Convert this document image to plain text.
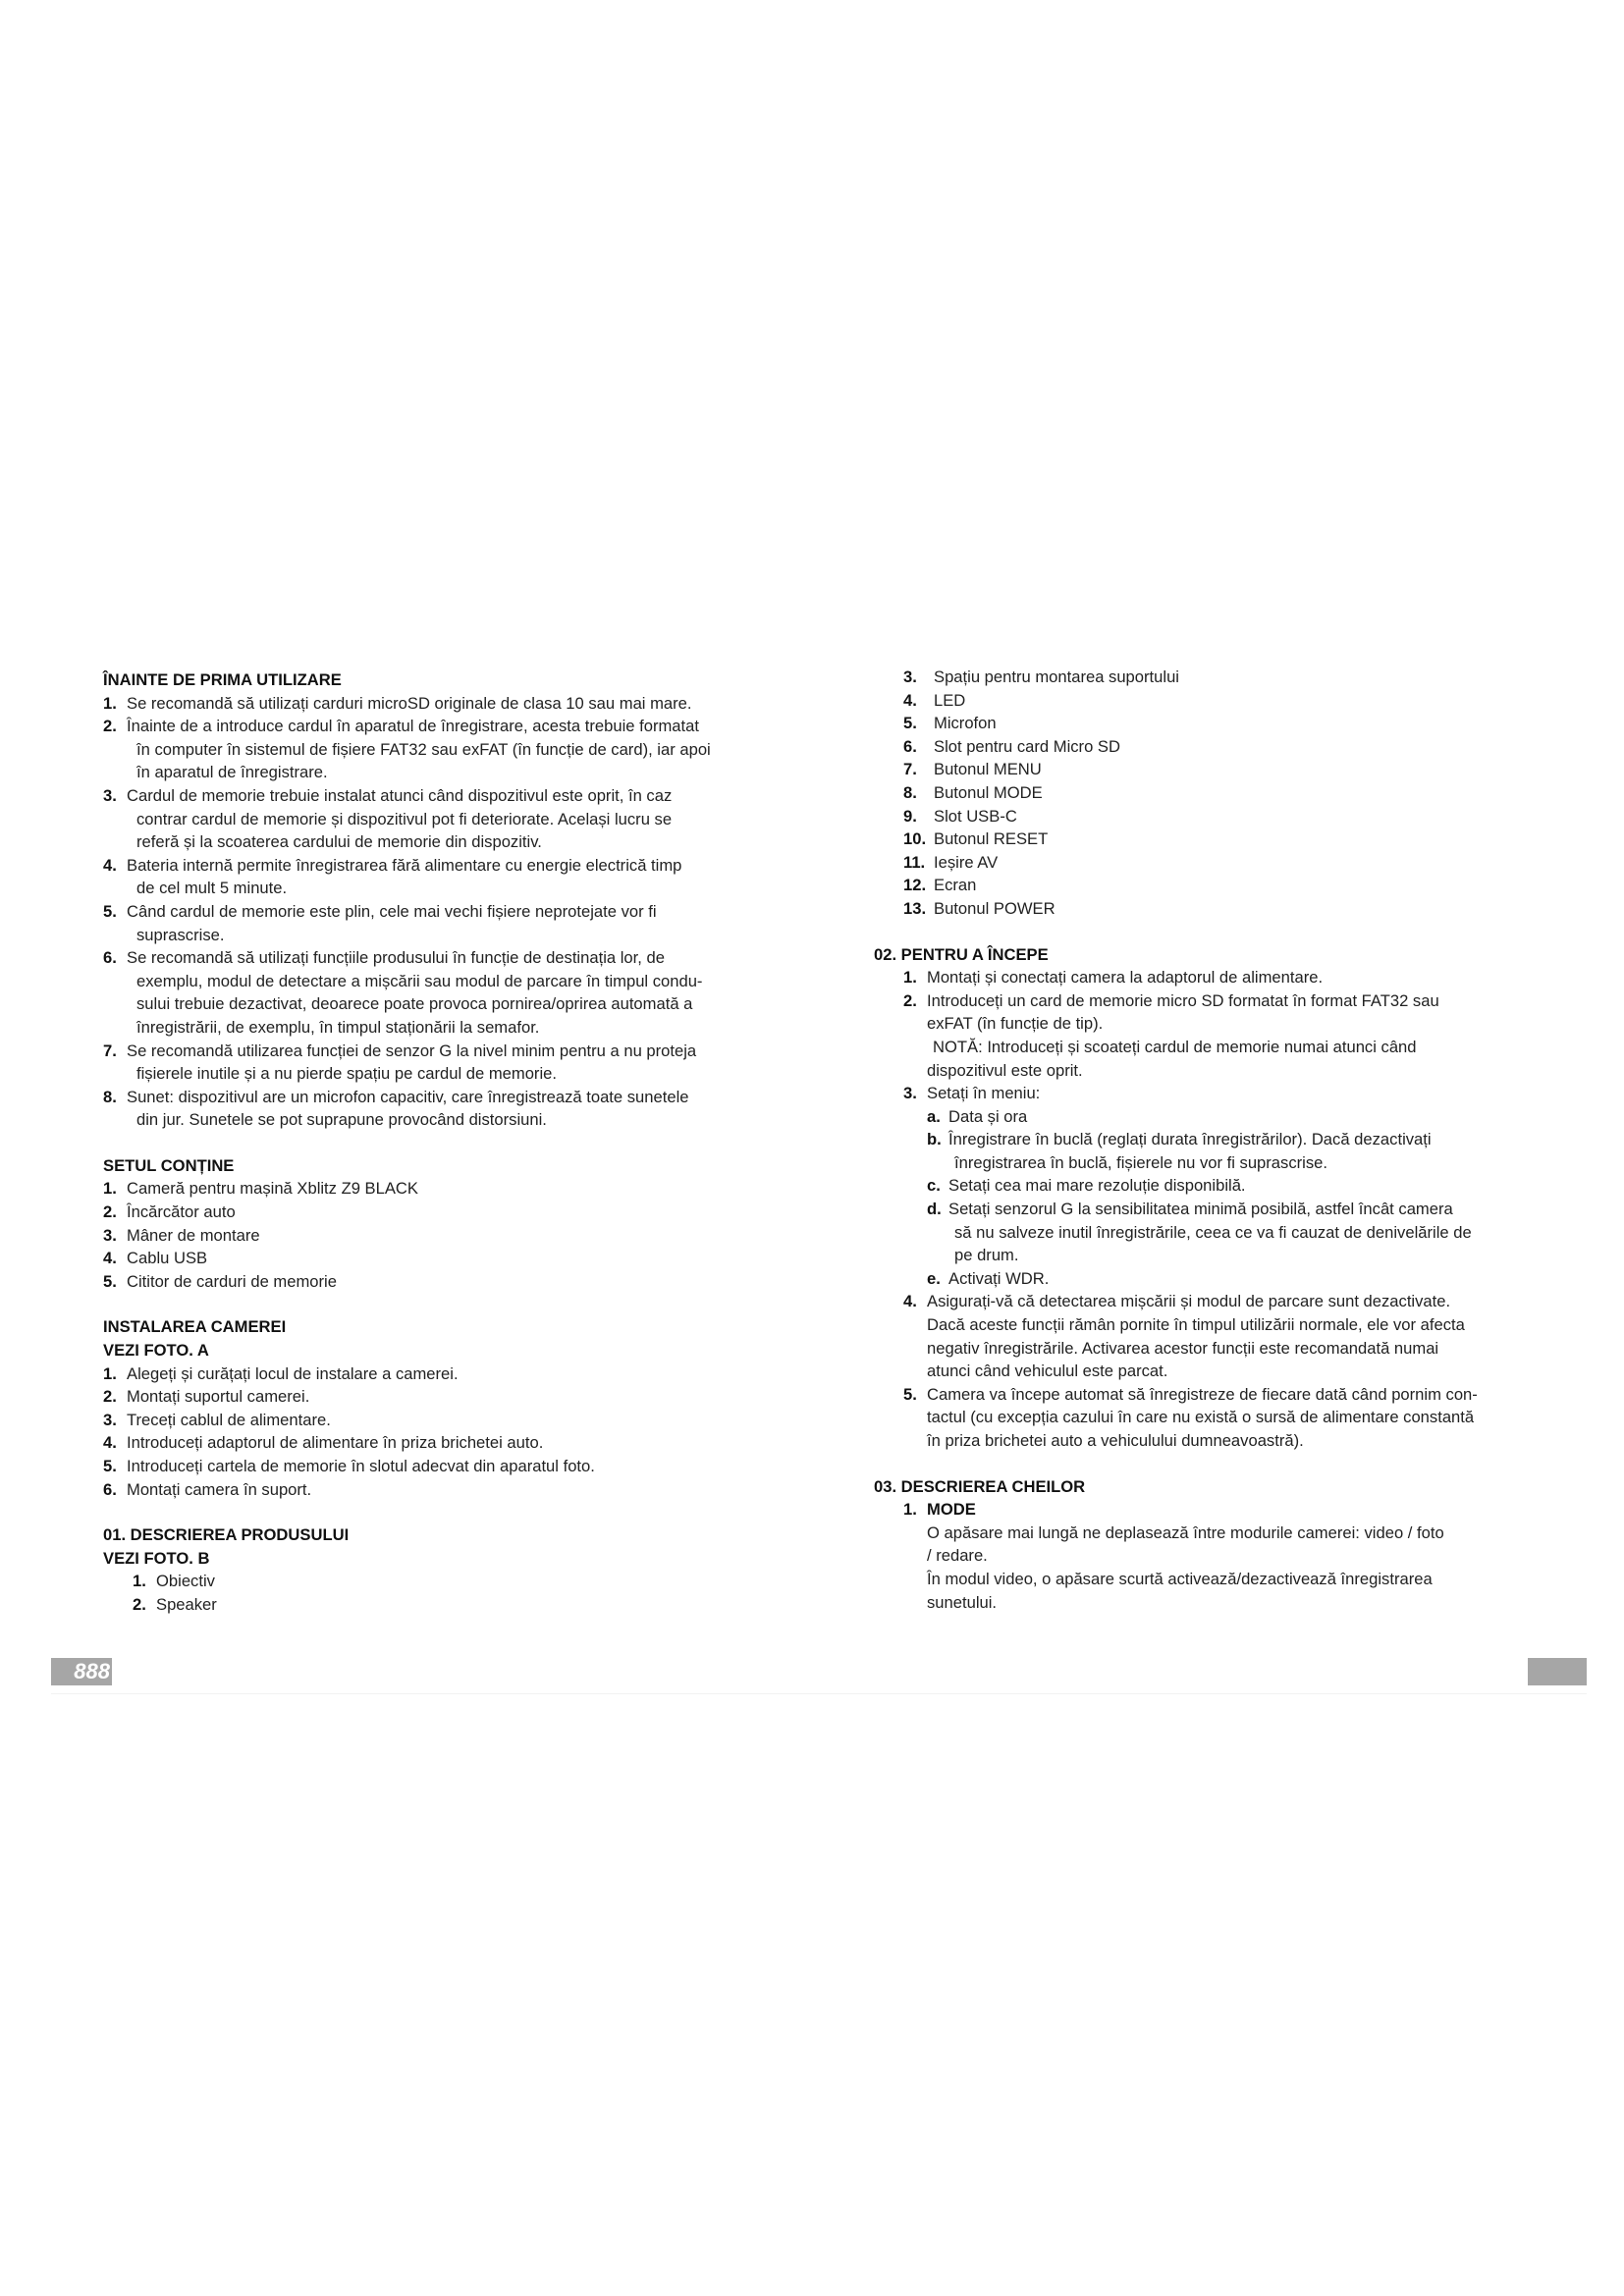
ÎNAINTE DE PRIMA UTILIZARE
1. Se recomandă să utilizați carduri microSD originale de clasa 10 sau mai mare.
2. Înainte de a introduce cardul în aparatul de înregistrare, acesta trebuie formatat
în computer în sistemul de fișiere FAT32 sau exFAT (în funcție de card), iar apoi
în aparatul de înregistrare.
3. Cardul de memorie trebuie instalat atunci când dispozitivul este oprit, în caz
contrar cardul de memorie și dispozitivul pot fi deteriorate. Același lucru se
referă și la scoaterea cardului de memorie din dispozitiv.
4. Bateria internă permite înregistrarea fără alimentare cu energie electrică timp
de cel mult 5 minute.
5. Când cardul de memorie este plin, cele mai vechi fișiere neprotejate vor fi
suprascrise.
6. Se recomandă să utilizați funcțiile produsului în funcție de destinația lor, de
exemplu, modul de detectare a mișcării sau modul de parcare în timpul condu-
sului trebuie dezactivat, deoarece poate provoca pornirea/oprirea automată a
înregistrării, de exemplu, în timpul staționării la semafor.
7. Se recomandă utilizarea funcției de senzor G la nivel minim pentru a nu proteja
fișierele inutile și a nu pierde spațiu pe cardul de memorie.
8. Sunet: dispozitivul are un microfon capacitiv, care înregistrează toate sunetele
din jur. Sunetele se pot suprapune provocând distorsiuni.
SETUL CONȚINE
1. Cameră pentru mașină Xblitz Z9 BLACK
2. Încărcător auto
3. Mâner de montare
4. Cablu USB
5. Cititor de carduri de memorie
INSTALAREA CAMEREI
VEZI FOTO. A
1. Alegeți și curățați locul de instalare a camerei.
2. Montați suportul camerei.
3. Treceți cablul de alimentare.
4. Introduceți adaptorul de alimentare în priza brichetei auto.
5. Introduceți cartela de memorie în slotul adecvat din aparatul foto.
6. Montați camera în suport.
01. DESCRIEREA PRODUSULUI
VEZI FOTO. B
1. Obiectiv
2. Speaker
3. Spațiu pentru montarea suportului
4. LED
5. Microfon
6. Slot pentru card Micro SD
7. Butonul MENU
8. Butonul MODE
9. Slot USB-C
10. Butonul RESET
11. Ieșire AV
12. Ecran
13. Butonul POWER
02. PENTRU A ÎNCEPE
1. Montați și conectați camera la adaptorul de alimentare.
2. Introduceți un card de memorie micro SD formatat în format FAT32 sau
exFAT (în funcție de tip).
NOTĂ: Introduceți și scoateți cardul de memorie numai atunci când
dispozitivul este oprit.
3. Setați în meniu:
a. Data și ora
b. Înregistrare în buclă (reglați durata înregistrărilor). Dacă dezactivați
înregistrarea în buclă, fișierele nu vor fi suprascrise.
c. Setați cea mai mare rezoluție disponibilă.
d. Setați senzorul G la sensibilitatea minimă posibilă, astfel încât camera
să nu salveze inutil înregistrările, ceea ce va fi cauzat de denivelările de
pe drum.
e. Activați WDR.
4. Asigurați-vă că detectarea mișcării și modul de parcare sunt dezactivate.
Dacă aceste funcții rămân pornite în timpul utilizării normale, ele vor afecta
negativ înregistrările. Activarea acestor funcții este recomandată numai
atunci când vehiculul este parcat.
5. Camera va începe automat să înregistreze de fiecare dată când pornim con-
tactul (cu excepția cazului în care nu există o sursă de alimentare constantă
în priza brichetei auto a vehiculului dumneavoastră).
03. DESCRIEREA CHEILOR
1. MODE
O apăsare mai lungă ne deplasează între modurile camerei: video / foto
/ redare.
În modul video, o apăsare scurtă activează/dezactivează înregistrarea
sunetului.
888
